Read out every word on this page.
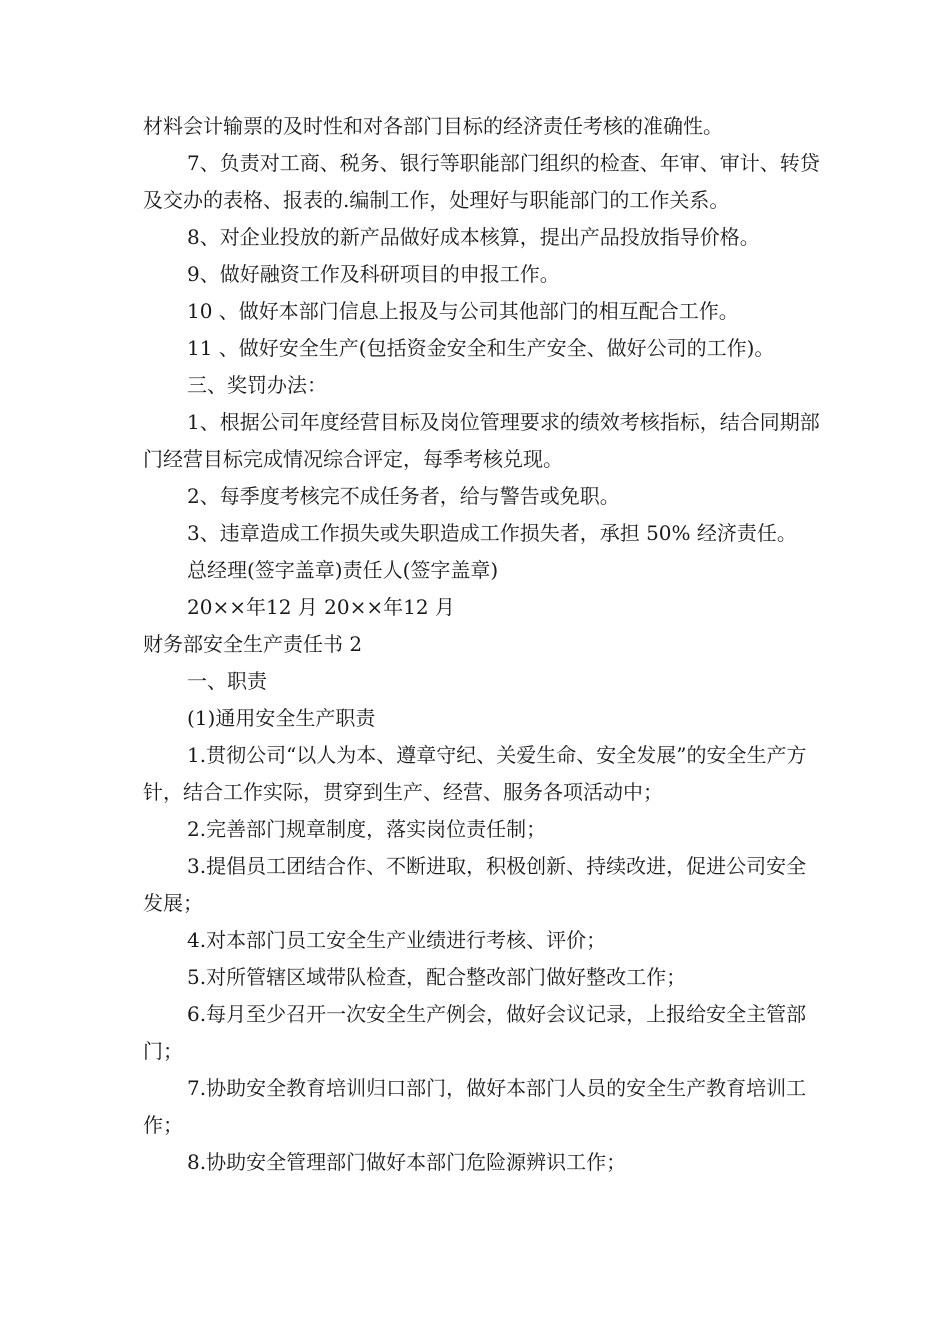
材料会计输票的及时性和对各部门目标的经济责任考核的准确性。

7、负责对工商、税务、银行等职能部门组织的检查、年审、审计、转贷及交办的表格、报表的.编制工作，处理好与职能部门的工作关系。

8、对企业投放的新产品做好成本核算，提出产品投放指导价格。

9、做好融资工作及科研项目的申报工作。

10 、做好本部门信息上报及与公司其他部门的相互配合工作。

11 、做好安全生产(包括资金安全和生产安全、做好公司的工作)。

三、奖罚办法：

1、根据公司年度经营目标及岗位管理要求的绩效考核指标，结合同期部门经营目标完成情况综合评定，每季考核兑现。

2、每季度考核完不成任务者，给与警告或免职。

3、违章造成工作损失或失职造成工作损失者，承担 50% 经济责任。

总经理(签字盖章)责任人(签字盖章)

20××年12 月 20××年12 月

财务部安全生产责任书 2

一、职责

(1)通用安全生产职责

1.贯彻公司“以人为本、遵章守纪、关爱生命、安全发展”的安全生产方针，结合工作实际，贯穿到生产、经营、服务各项活动中；

2.完善部门规章制度，落实岗位责任制；

3.提倡员工团结合作、不断进取，积极创新、持续改进，促进公司安全发展；

4.对本部门员工安全生产业绩进行考核、评价；

5.对所管辖区域带队检查，配合整改部门做好整改工作；

6.每月至少召开一次安全生产例会，做好会议记录，上报给安全主管部门；

7.协助安全教育培训归口部门，做好本部门人员的安全生产教育培训工作；

8.协助安全管理部门做好本部门危险源辨识工作；
